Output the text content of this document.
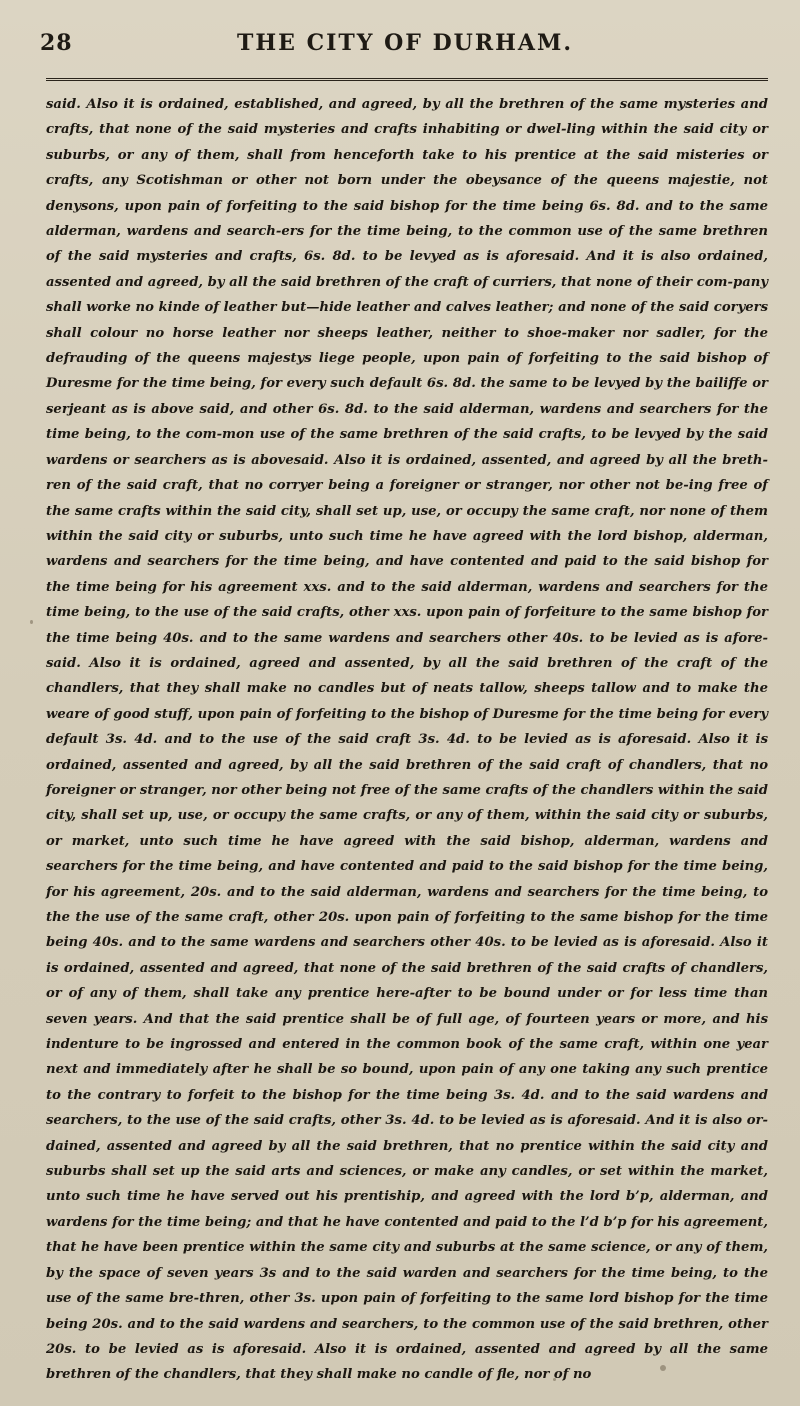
28	THE CITY OF DURHAM.

said. Also it is ordained, established, and agreed, by all the brethren of the same mysteries and crafts, that none of the said mysteries and crafts inhabiting or dwel-ling within the said city or suburbs, or any of them, shall from henceforth take to his prentice at the said misteries or crafts, any Scotishman or other not born under the obeysance of the queens majestie, not denysons, upon pain of forfeiting to the said bishop for the time being 6s. 8d. and to the same alderman, wardens and search-ers for the time being, to the common use of the same brethren of the said mysteries and crafts, 6s. 8d. to be levyed as is aforesaid. And it is also ordained, assented and agreed, by all the said brethren of the craft of curriers, that none of their com-pany shall worke no kinde of leather but—hide leather and calves leather; and none of the said coryers shall colour no horse leather nor sheeps leather, neither to shoe-maker nor sadler, for the defrauding of the queens majestys liege people, upon pain of forfeiting to the said bishop of Duresme for the time being, for every such default 6s. 8d. the same to be levyed by the bailiffe or serjeant as is above said, and other 6s. 8d. to the said alderman, wardens and searchers for the time being, to the com-mon use of the same brethren of the said crafts, to be levyed by the said wardens or searchers as is abovesaid. Also it is ordained, assented, and agreed by all the breth-ren of the said craft, that no corryer being a foreigner or stranger, nor other not be-ing free of the same crafts within the said city, shall set up, use, or occupy the same craft, nor none of them within the said city or suburbs, unto such time he have agreed with the lord bishop, alderman, wardens and searchers for the time being, and have contented and paid to the said bishop for the time being for his agreement xxs. and to the said alderman, wardens and searchers for the time being, to the use of the said crafts, other xxs. upon pain of forfeiture to the same bishop for the time being 40s. and to the same wardens and searchers other 40s. to be levied as is afore-said. Also it is ordained, agreed and assented, by all the said brethren of the craft of the chandlers, that they shall make no candles but of neats tallow, sheeps tallow and to make the weare of good stuff, upon pain of forfeiting to the bishop of Duresme for the time being for every default 3s. 4d. and to the use of the said craft 3s. 4d. to be levied as is aforesaid. Also it is ordained, assented and agreed, by all the said brethren of the said craft of chandlers, that no foreigner or stranger, nor other being not free of the same crafts of the chandlers within the said city, shall set up, use, or occupy the same crafts, or any of them, within the said city or suburbs, or market, unto such time he have agreed with the said bishop, alderman, wardens and searchers for the time being, and have contented and paid to the said bishop for the time being, for his agreement, 20s. and to the said alderman, wardens and searchers for the time being, to the the use of the same craft, other 20s. upon pain of forfeiting to the same bishop for the time being 40s. and to the same wardens and searchers other 40s. to be levied as is aforesaid. Also it is ordained, assented and agreed, that none of the said brethren of the said crafts of chandlers, or of any of them, shall take any prentice here-after to be bound under or for less time than seven years. And that the said prentice shall be of full age, of fourteen years or more, and his indenture to be ingrossed and entered in the common book of the same craft, within one year next and immediately after he shall be so bound, upon pain of any one taking any such prentice to the contrary to forfeit to the bishop for the time being 3s. 4d. and to the said wardens and searchers, to the use of the said crafts, other 3s. 4d. to be levied as is aforesaid. And it is also or-dained, assented and agreed by all the said brethren, that no prentice within the said city and suburbs shall set up the said arts and sciences, or make any candles, or set within the market, unto such time he have served out his prentiship, and agreed with the lord b’p, alderman, and wardens for the time being; and that he have contented and paid to the l’d b’p for his agreement, that he have been prentice within the same city and suburbs at the same science, or any of them, by the space of seven years 3s and to the said warden and searchers for the time being, to the use of the same bre-thren, other 3s. upon pain of forfeiting to the same lord bishop for the time being 20s. and to the said wardens and searchers, to the common use of the said brethren, other 20s. to be levied as is aforesaid. Also it is ordained, assented and agreed by all the same brethren of the chandlers, that they shall make no candle of fle, nor of no
